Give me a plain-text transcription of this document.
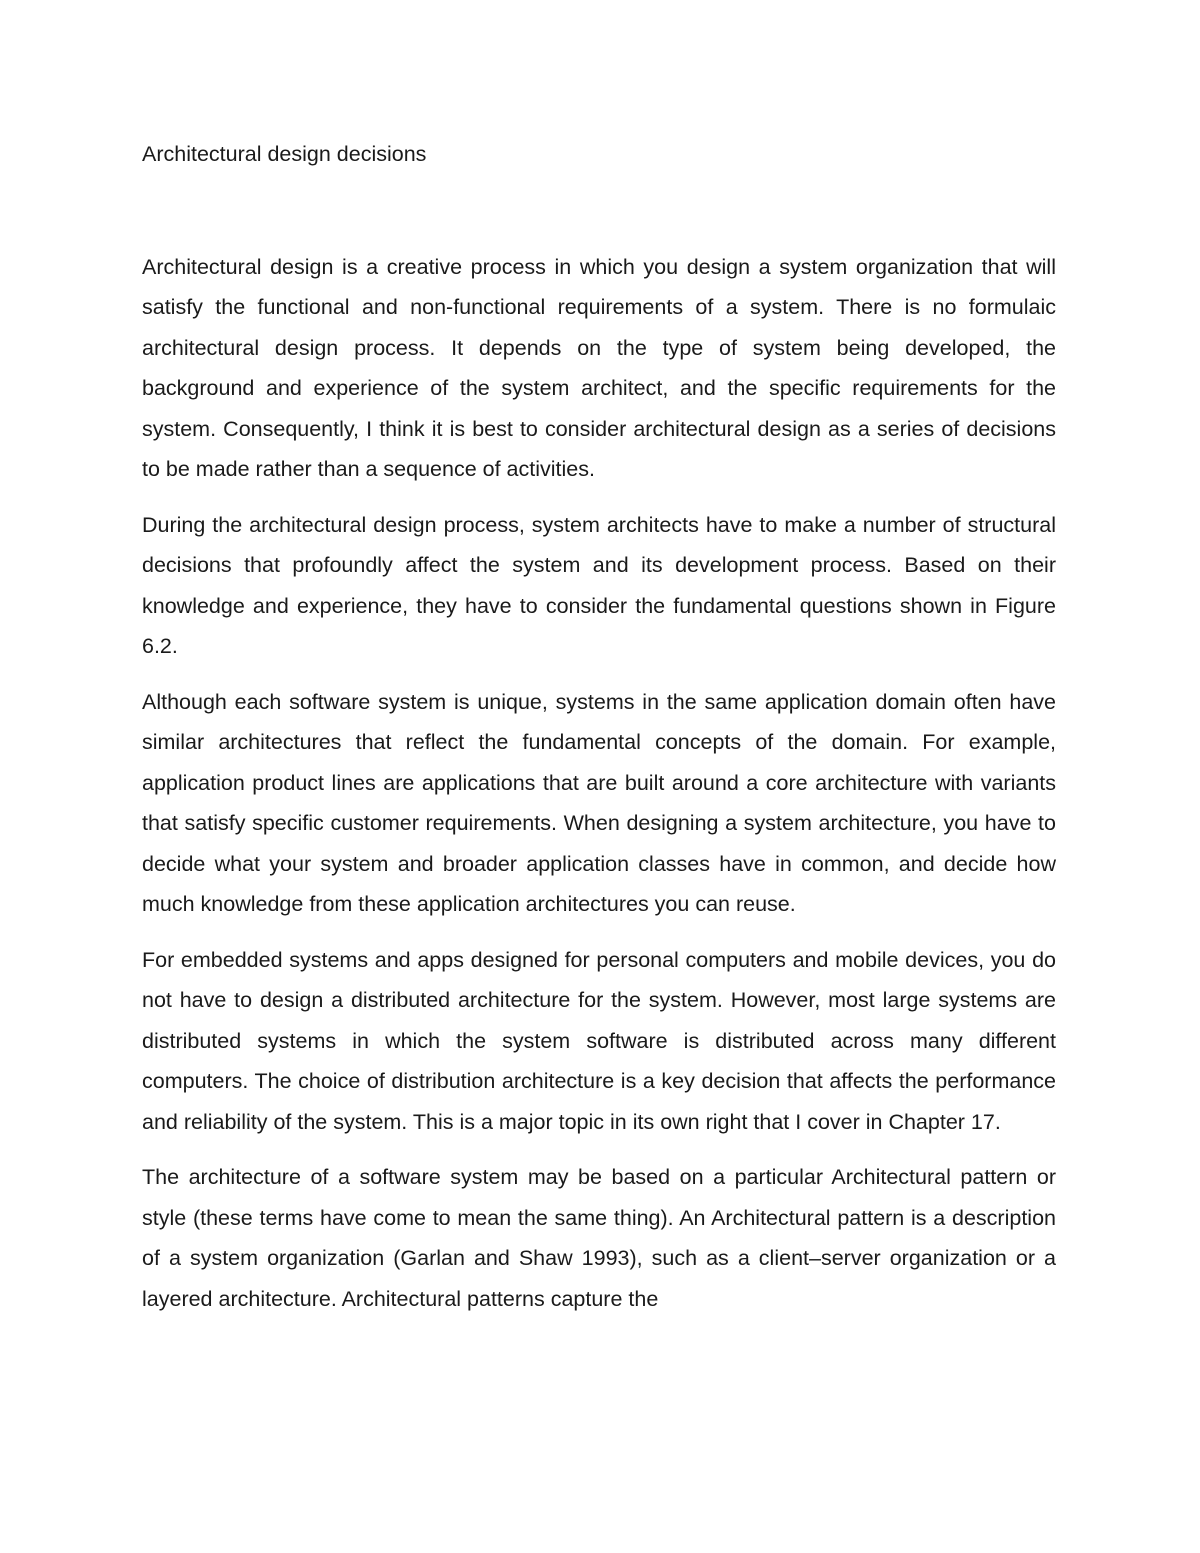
Architectural design decisions

Architectural design is a creative process in which you design a system organization that will satisfy the functional and non-functional requirements of a system. There is no formulaic architectural design process. It depends on the type of system being developed, the background and experience of the system architect, and the specific requirements for the system. Consequently, I think it is best to consider architectural design as a series of decisions to be made rather than a sequence of activities.

During the architectural design process, system architects have to make a number of structural decisions that profoundly affect the system and its development process. Based on their knowledge and experience, they have to consider the fundamental questions shown in Figure 6.2.

Although each software system is unique, systems in the same application domain often have similar architectures that reflect the fundamental concepts of the domain. For example, application product lines are applications that are built around a core architecture with variants that satisfy specific customer requirements. When designing a system architecture, you have to decide what your system and broader application classes have in common, and decide how much knowledge from these application architectures you can reuse.

For embedded systems and apps designed for personal computers and mobile devices, you do not have to design a distributed architecture for the system. However, most large systems are distributed systems in which the system software is distributed across many different computers. The choice of distribution architecture is a key decision that affects the performance and reliability of the system. This is a major topic in its own right that I cover in Chapter 17.

The architecture of a software system may be based on a particular Architectural pattern or style (these terms have come to mean the same thing). An Architectural pattern is a description of a system organization (Garlan and Shaw 1993), such as a client–server organization or a layered architecture. Architectural patterns capture the
